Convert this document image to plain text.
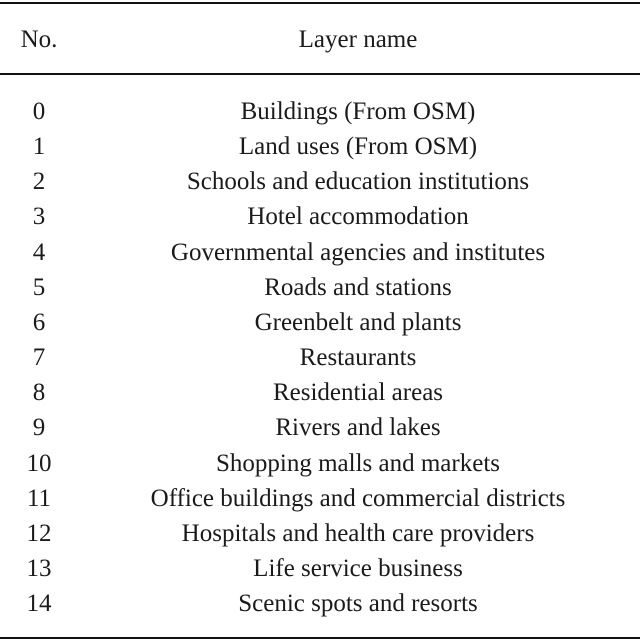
No.	Layer name
0	Buildings (From OSM)
1	Land uses (From OSM)
2	Schools and education institutions
3	Hotel accommodation
4	Governmental agencies and institutes
5	Roads and stations
6	Greenbelt and plants
7	Restaurants
8	Residential areas
9	Rivers and lakes
10	Shopping malls and markets
11	Office buildings and commercial districts
12	Hospitals and health care providers
13	Life service business
14	Scenic spots and resorts
